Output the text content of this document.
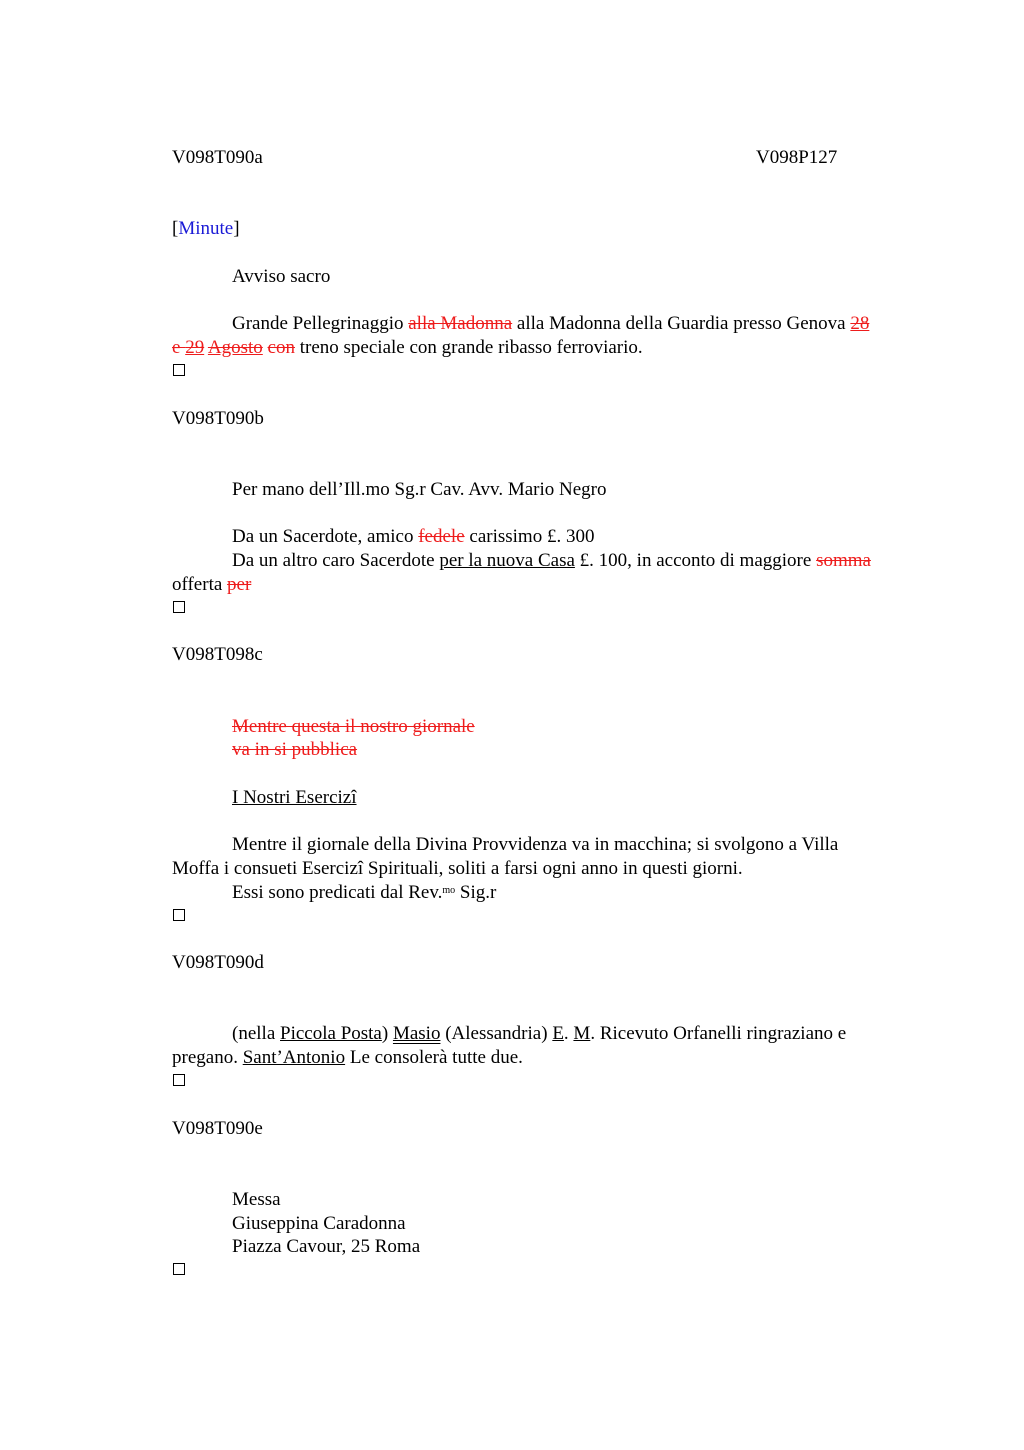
V098T090a	V098P127
[Minute]
Avviso sacro
Grande Pellegrinaggio alla Madonna alla Madonna della Guardia presso Genova 28
e 29 Agosto con treno speciale con grande ribasso ferroviario.
V098T090b
Per mano dell’Ill.mo Sg.r Cav. Avv. Mario Negro
Da un Sacerdote, amico fedele carissimo £. 300
Da un altro caro Sacerdote per la nuova Casa £. 100, in acconto di maggiore somma
offerta per
V098T098c
Mentre questa il nostro giornale
va in si pubblica
I Nostri Esercizi
Mentre il giornale della Divina Provvidenza va in macchina; si svolgono a Villa
Moffa i consueti Esercizi Spirituali, soliti a farsi ogni anno in questi giorni.
Essi sono predicati dal Rev.$^{mo}$ Sig.r
V098T090d
(nella Piccola Posta) Masio (Alessandria) E. M. Ricevuto Orfanelli ringraziano e
pregano. Sant’Antonio Le consolerà tutte due.
V098T090e
Messa
Giuseppina Caradonna
Piazza Cavour, 25 Roma
